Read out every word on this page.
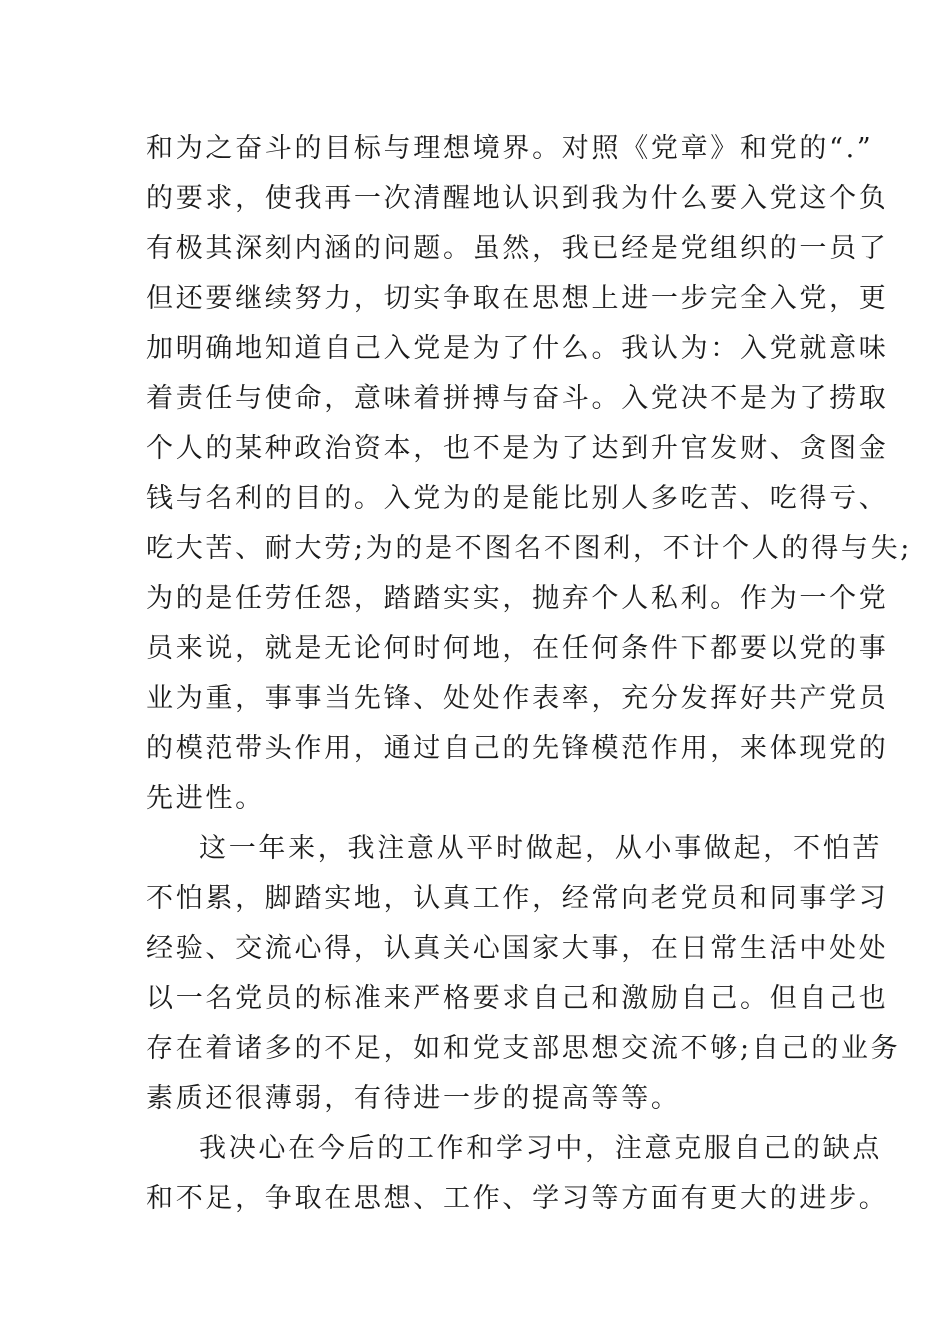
和为之奋斗的目标与理想境界。对照《党章》和党的“.”
的要求，使我再一次清醒地认识到我为什么要入党这个负
有极其深刻内涵的问题。虽然，我已经是党组织的一员了
但还要继续努力，切实争取在思想上进一步完全入党，更
加明确地知道自己入党是为了什么。我认为：入党就意味
着责任与使命，意味着拼搏与奋斗。入党决不是为了捞取
个人的某种政治资本，也不是为了达到升官发财、贪图金
钱与名利的目的。入党为的是能比别人多吃苦、吃得亏、
吃大苦、耐大劳;为的是不图名不图利，不计个人的得与失;
为的是任劳任怨，踏踏实实，抛弃个人私利。作为一个党
员来说，就是无论何时何地，在任何条件下都要以党的事
业为重，事事当先锋、处处作表率，充分发挥好共产党员
的模范带头作用，通过自己的先锋模范作用，来体现党的
先进性。
这一年来，我注意从平时做起，从小事做起，不怕苦
不怕累，脚踏实地，认真工作，经常向老党员和同事学习
经验、交流心得，认真关心国家大事，在日常生活中处处
以一名党员的标准来严格要求自己和激励自己。但自己也
存在着诸多的不足，如和党支部思想交流不够;自己的业务
素质还很薄弱，有待进一步的提高等等。
我决心在今后的工作和学习中，注意克服自己的缺点
和不足，争取在思想、工作、学习等方面有更大的进步。
